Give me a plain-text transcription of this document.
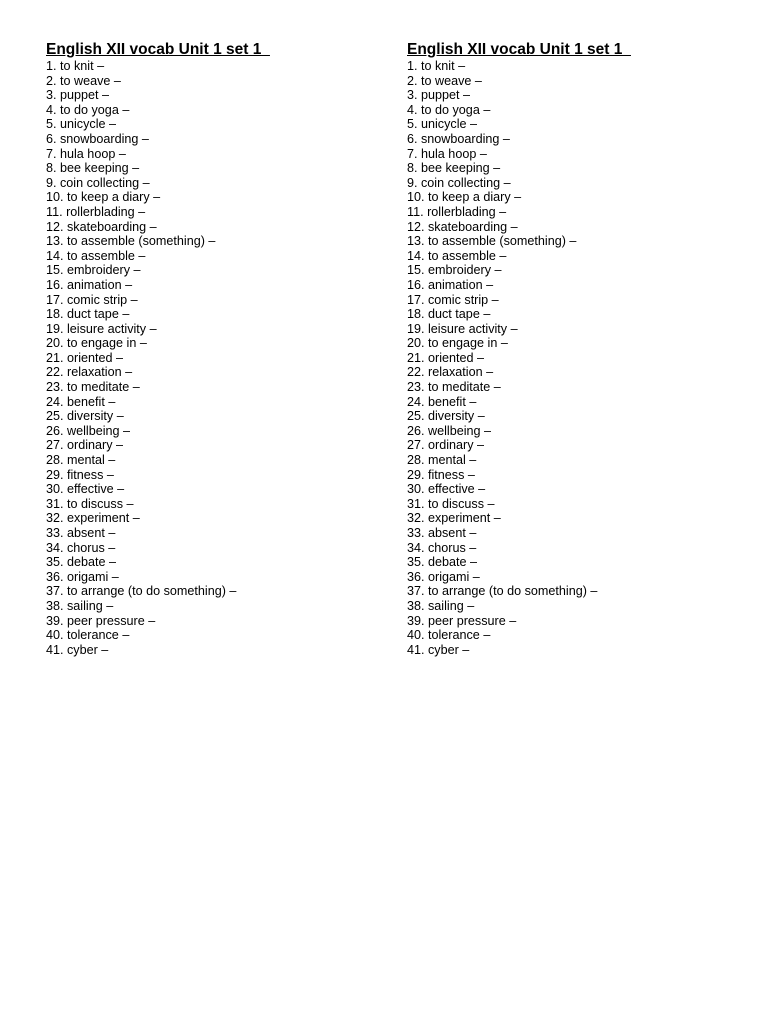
English XII vocab Unit 1 set 1
1. to knit –
2. to weave –
3. puppet –
4. to do yoga –
5. unicycle –
6. snowboarding –
7. hula hoop –
8. bee keeping –
9. coin collecting –
10. to keep a diary –
11. rollerblading –
12. skateboarding –
13. to assemble (something) –
14. to assemble –
15. embroidery –
16. animation –
17. comic strip –
18. duct tape –
19. leisure activity –
20. to engage in –
21. oriented –
22. relaxation –
23. to meditate –
24. benefit –
25. diversity –
26. wellbeing –
27. ordinary –
28. mental –
29. fitness –
30. effective –
31. to discuss –
32. experiment –
33. absent –
34. chorus –
35. debate –
36. origami –
37. to arrange (to do something) –
38. sailing –
39. peer pressure –
40. tolerance –
41. cyber –
English XII vocab Unit 1 set 1
1. to knit –
2. to weave –
3. puppet –
4. to do yoga –
5. unicycle –
6. snowboarding –
7. hula hoop –
8. bee keeping –
9. coin collecting –
10. to keep a diary –
11. rollerblading –
12. skateboarding –
13. to assemble (something) –
14. to assemble –
15. embroidery –
16. animation –
17. comic strip –
18. duct tape –
19. leisure activity –
20. to engage in –
21. oriented –
22. relaxation –
23. to meditate –
24. benefit –
25. diversity –
26. wellbeing –
27. ordinary –
28. mental –
29. fitness –
30. effective –
31. to discuss –
32. experiment –
33. absent –
34. chorus –
35. debate –
36. origami –
37. to arrange (to do something) –
38. sailing –
39. peer pressure –
40. tolerance –
41. cyber –
